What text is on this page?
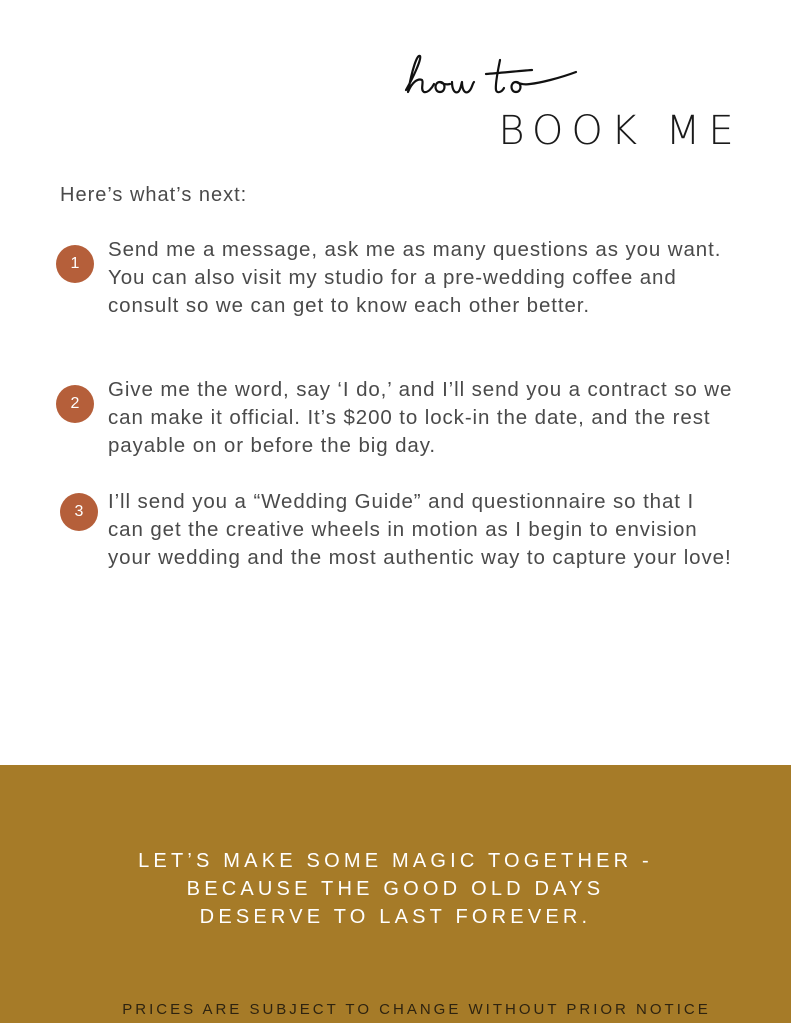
BOOK ME
Here’s what’s next:
1
Send me a message, ask me as many questions as you want. You can also visit my studio for a pre-wedding coffee and consult so we can get to know each other better.
2
Give me the word, say ‘I do,’ and I’ll send you a contract so we can make it official. It’s $200 to lock-in the date, and the rest payable on or before the big day.
3	I’ll send you a “Wedding Guide” and questionnaire so that I can get the creative wheels in motion as I begin to envision your wedding and the most authentic way to capture your love!
LET’S MAKE SOME MAGIC TOGETHER -
BECAUSE THE GOOD OLD DAYS
DESERVE TO LAST FOREVER.
PRICES ARE SUBJECT TO CHANGE WITHOUT PRIOR NOTICE
